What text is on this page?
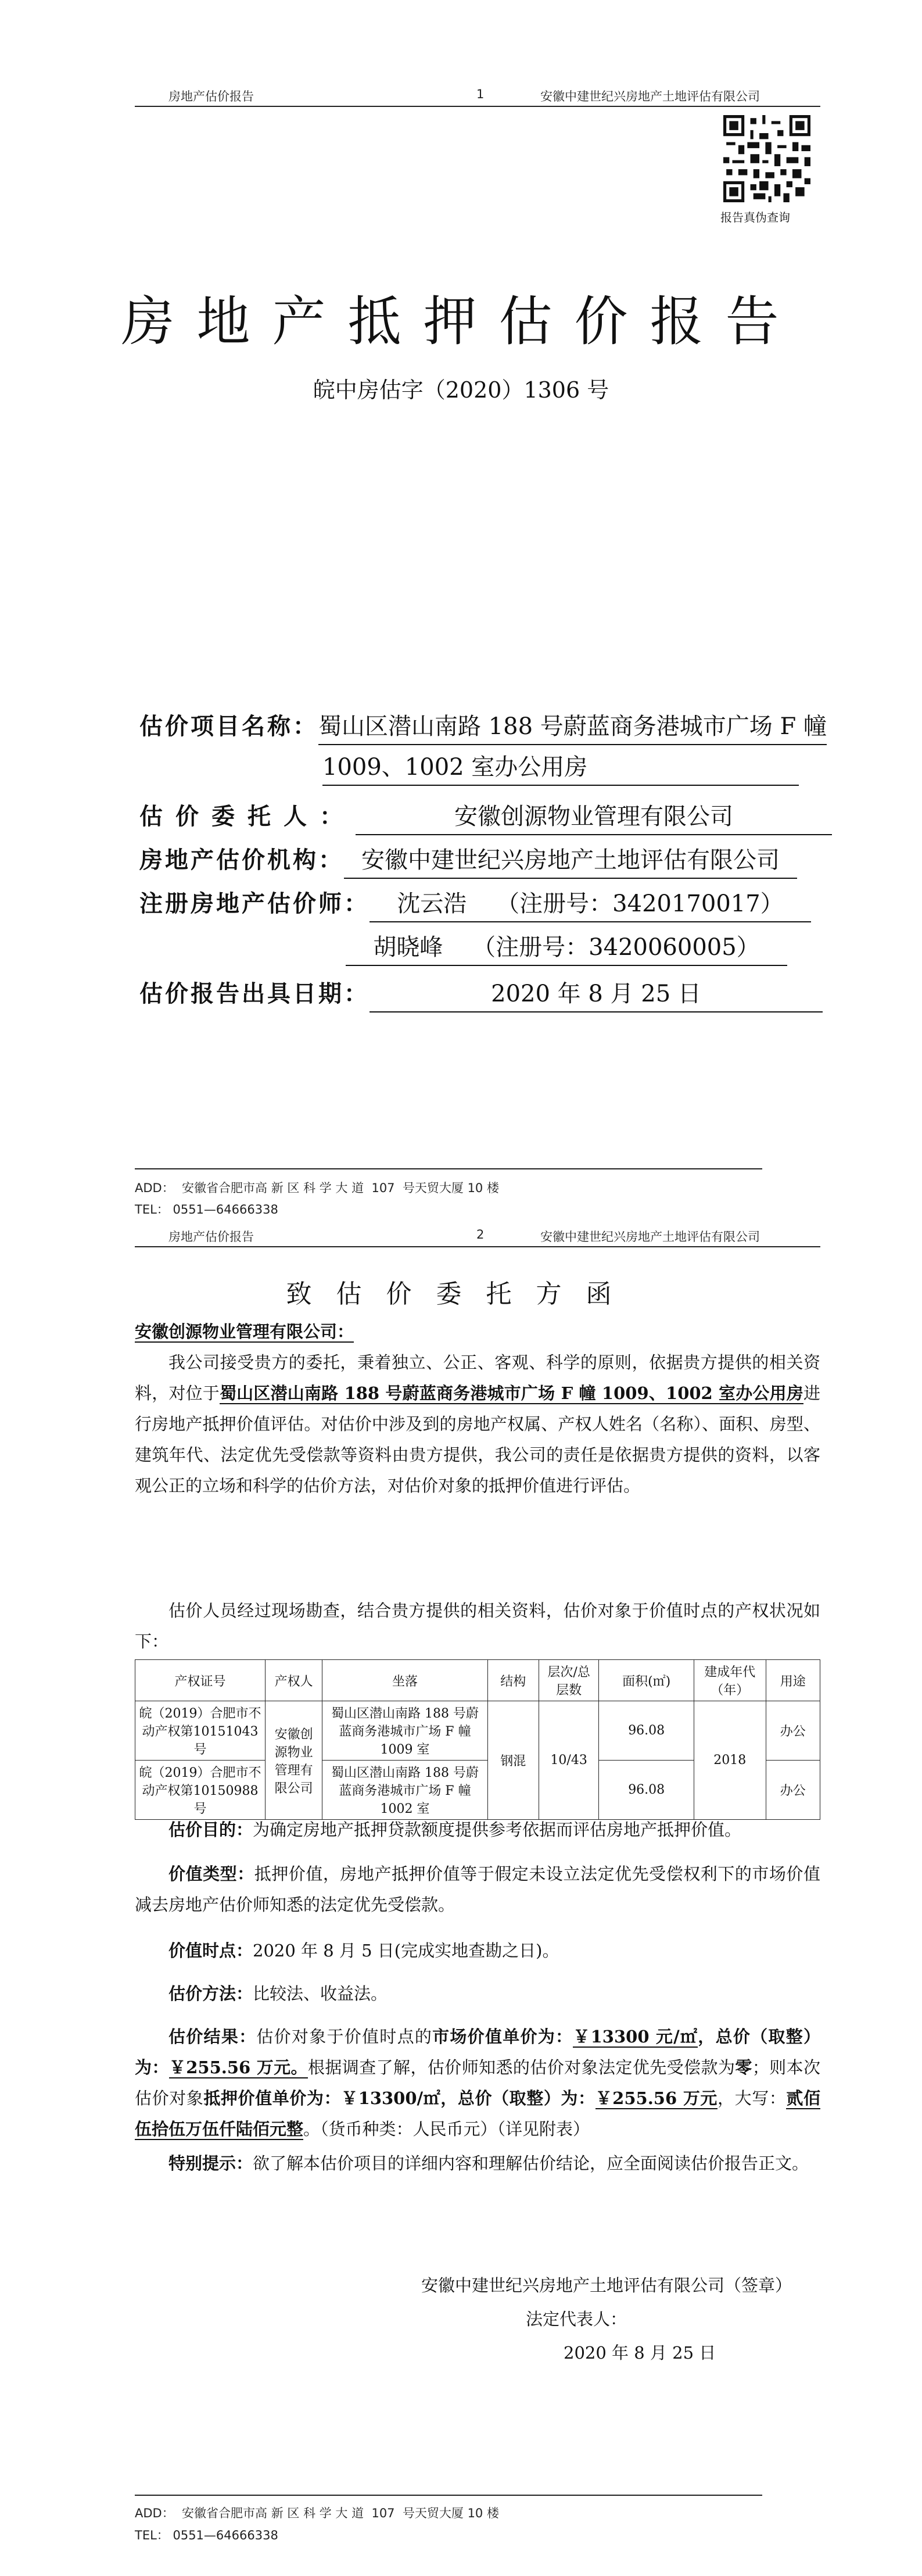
房地产估价报告	1	安徽中建世纪兴房地产土地评估有限公司
报告真伪查询
房地产抵押估价报告
皖中房估字（2020）1306 号
估价项目名称：蜀山区潜山南路 188 号蔚蓝商务港城市广场 F 幢
1009、1002 室办公用房
估价委托人：	安徽创源物业管理有限公司
房地产估价机构： 安徽中建世纪兴房地产土地评估有限公司
注册房地产估价师： 沈云浩    （注册号：3420170017）
胡晓峰    （注册号：3420060005）
估价报告出具日期：	2020 年 8 月 25 日
ADD：  安徽省合肥市高 新 区 科 学 大 道  107  号天贸大厦 10 楼
TEL： 0551—64666338
房地产估价报告	2	安徽中建世纪兴房地产土地评估有限公司
致估价委托方函
安徽创源物业管理有限公司：
我公司接受贵方的委托，秉着独立、公正、客观、科学的原则，依据贵方提供的相关资料，对位于蜀山区潜山南路 188 号蔚蓝商务港城市广场 F 幢 1009、1002 室办公用房进行房地产抵押价值评估。对估价中涉及到的房地产权属、产权人姓名（名称）、面积、房型、建筑年代、法定优先受偿款等资料由贵方提供，我公司的责任是依据贵方提供的资料，以客观公正的立场和科学的估价方法，对估价对象的抵押价值进行评估。
估价人员经过现场勘查，结合贵方提供的相关资料，估价对象于价值时点的产权状况如下：
产权证号	产权人	坐落	结构	层次/总层数	面积(㎡)	建成年代（年）	用途
皖（2019）合肥市不动产权第10151043 号	安徽创源物业管理有限公司	蜀山区潜山南路 188 号蔚蓝商务港城市广场 F 幢 1009 室	钢混	10/43	96.08	2018	办公
皖（2019）合肥市不动产权第10150988 号		蜀山区潜山南路 188 号蔚蓝商务港城市广场 F 幢 1002 室			96.08		办公
估价目的：为确定房地产抵押贷款额度提供参考依据而评估房地产抵押价值。
价值类型：抵押价值，房地产抵押价值等于假定未设立法定优先受偿权利下的市场价值减去房地产估价师知悉的法定优先受偿款。
价值时点：2020 年 8 月 5 日(完成实地查勘之日)。
估价方法：比较法、收益法。
估价结果：估价对象于价值时点的市场价值单价为：￥13300 元/㎡，总价（取整）为：￥255.56 万元。根据调查了解，估价师知悉的估价对象法定优先受偿款为零；则本次估价对象抵押价值单价为：￥13300/㎡，总价（取整）为：￥255.56 万元，大写：贰佰伍拾伍万伍仟陆佰元整。（货币种类：人民币元）（详见附表）
特别提示：欲了解本估价项目的详细内容和理解估价结论，应全面阅读估价报告正文。
安徽中建世纪兴房地产土地评估有限公司（签章）
法定代表人：
2020 年 8 月 25 日
ADD：  安徽省合肥市高 新 区 科 学 大 道  107  号天贸大厦 10 楼
TEL： 0551—64666338
